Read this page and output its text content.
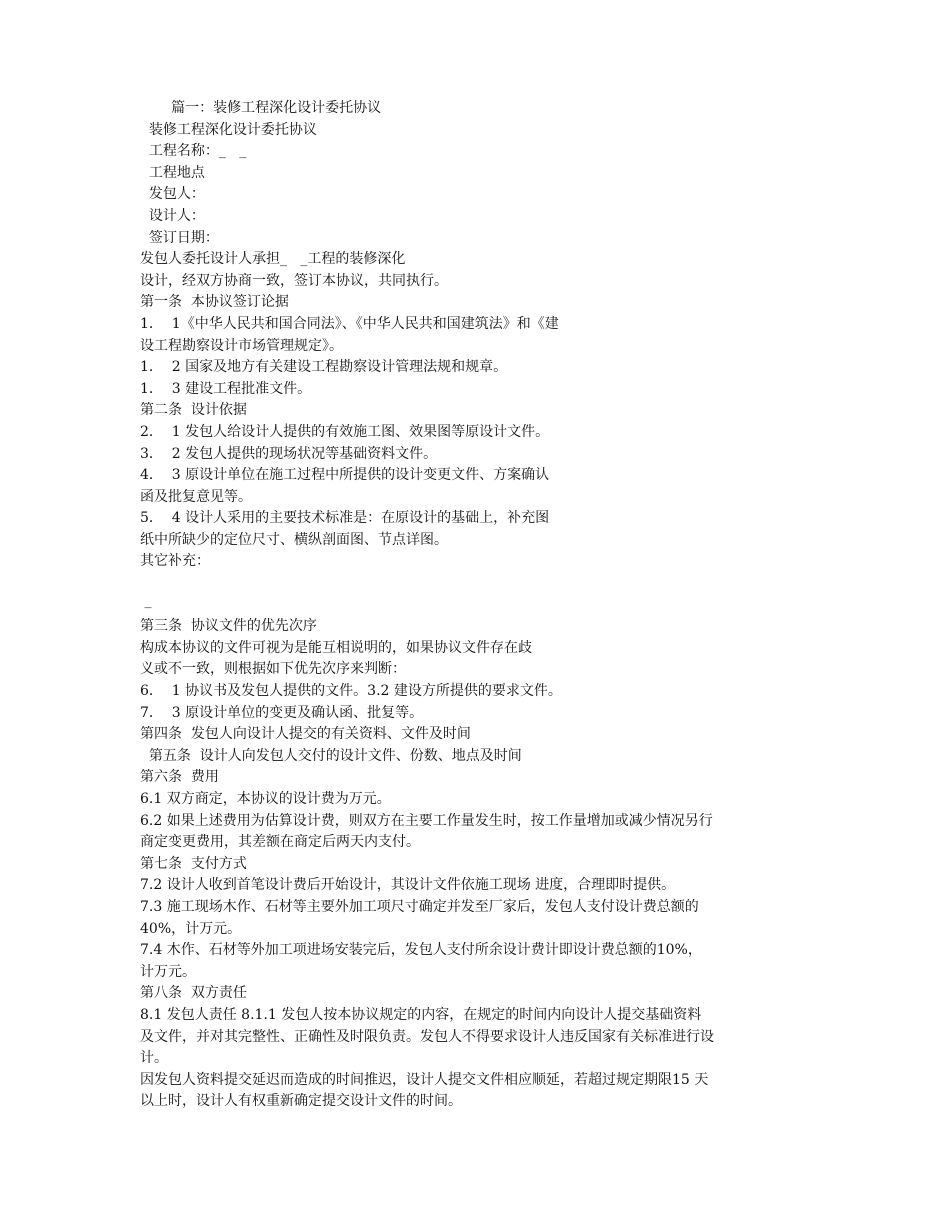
篇一：装修工程深化设计委托协议
装修工程深化设计委托协议
工程名称：_   _
工程地点
发包人：
设计人：
签订日期：
发包人委托设计人承担_   _工程的装修深化
设计，经双方协商一致，签订本协议，共同执行。
第一条  本协议签订论据
1．  1《中华人民共和国合同法》、《中华人民共和国建筑法》和《建
设工程勘察设计市场管理规定》。
1．  2 国家及地方有关建设工程勘察设计管理法规和规章。
1．  3 建设工程批准文件。
第二条  设计依据
2．  1 发包人给设计人提供的有效施工图、效果图等原设计文件。
3．  2 发包人提供的现场状况等基础资料文件。
4．  3 原设计单位在施工过程中所提供的设计变更文件、方案确认
函及批复意见等。
5．  4 设计人采用的主要技术标准是：在原设计的基础上，补充图
纸中所缺少的定位尺寸、横纵剖面图、节点详图。
其它补充：
_
第三条  协议文件的优先次序
构成本协议的文件可视为是能互相说明的，如果协议文件存在歧
义或不一致，则根据如下优先次序来判断：
6．  1 协议书及发包人提供的文件。3.2 建设方所提供的要求文件。
7．  3 原设计单位的变更及确认函、批复等。
第四条  发包人向设计人提交的有关资料、文件及时间
第五条  设计人向发包人交付的设计文件、份数、地点及时间
第六条  费用
6.1 双方商定，本协议的设计费为万元。
6.2 如果上述费用为估算设计费，则双方在主要工作量发生时，按工作量增加或减少情况另行
商定变更费用，其差额在商定后两天内支付。
第七条  支付方式
7.2 设计人收到首笔设计费后开始设计，其设计文件依施工现场 进度，合理即时提供。
7.3 施工现场木作、石材等主要外加工项尺寸确定并发至厂家后，发包人支付设计费总额的
40%，计万元。
7.4 木作、石材等外加工项进场安装完后，发包人支付所余设计费计即设计费总额的10%，
计万元。
第八条  双方责任
8.1 发包人责任 8.1.1 发包人按本协议规定的内容，在规定的时间内向设计人提交基础资料
及文件，并对其完整性、正确性及时限负责。发包人不得要求设计人违反国家有关标准进行设
计。
因发包人资料提交延迟而造成的时间推迟，设计人提交文件相应顺延，若超过规定期限15 天
以上时，设计人有权重新确定提交设计文件的时间。
